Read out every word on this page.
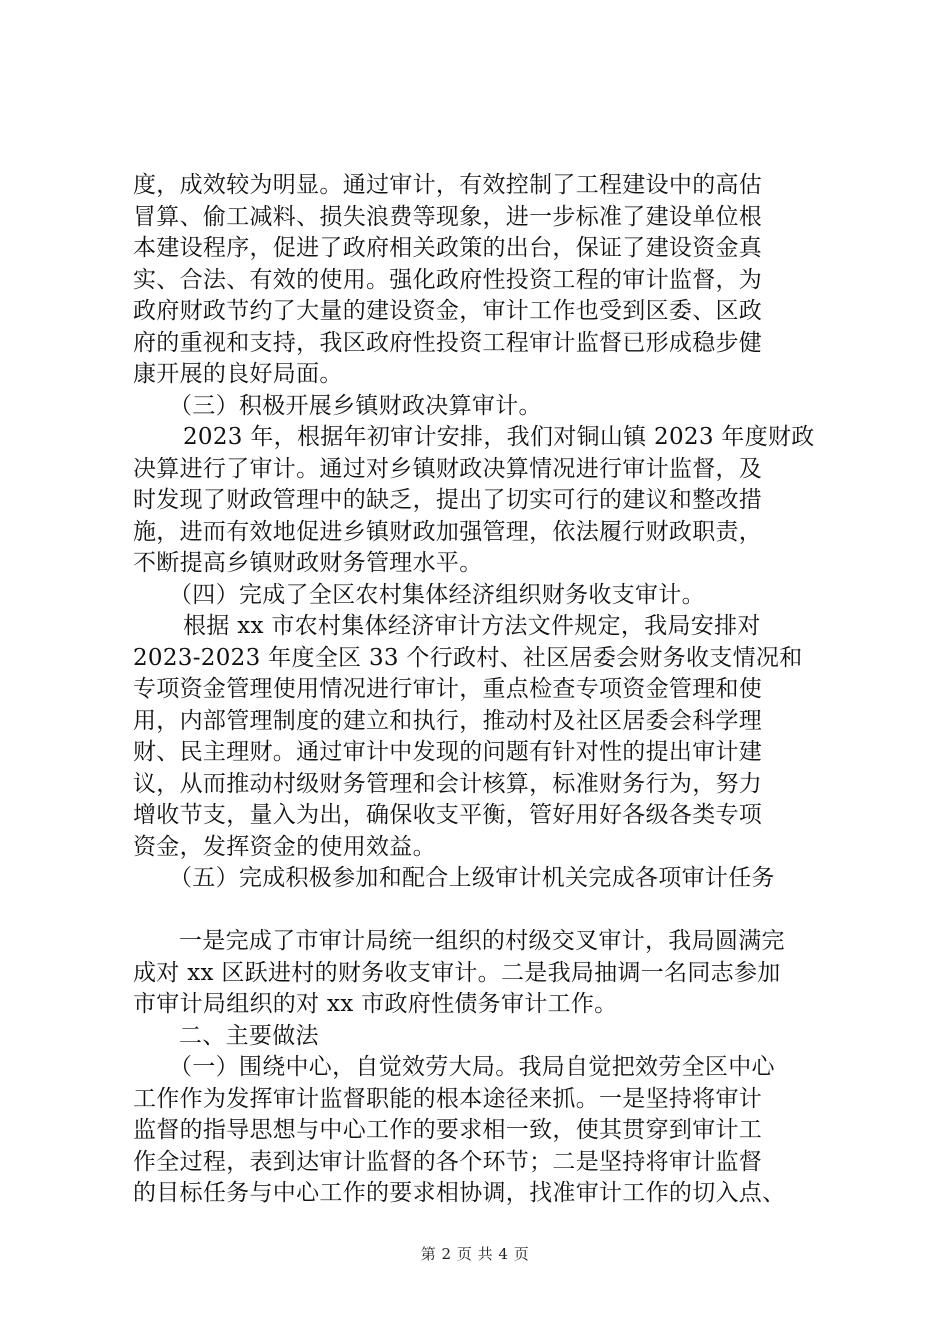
度，成效较为明显。通过审计，有效控制了工程建设中的高估
冒算、偷工减料、损失浪费等现象，进一步标准了建设单位根
本建设程序，促进了政府相关政策的出台，保证了建设资金真
实、合法、有效的使用。强化政府性投资工程的审计监督，为
政府财政节约了大量的建设资金，审计工作也受到区委、区政
府的重视和支持，我区政府性投资工程审计监督已形成稳步健
康开展的良好局面。
（三）积极开展乡镇财政决算审计。
2023 年，根据年初审计安排，我们对铜山镇 2023 年度财政
决算进行了审计。通过对乡镇财政决算情况进行审计监督，及
时发现了财政管理中的缺乏，提出了切实可行的建议和整改措
施，进而有效地促进乡镇财政加强管理，依法履行财政职责，
不断提高乡镇财政财务管理水平。
（四）完成了全区农村集体经济组织财务收支审计。
根据 xx 市农村集体经济审计方法文件规定，我局安排对
2023-2023 年度全区 33 个行政村、社区居委会财务收支情况和
专项资金管理使用情况进行审计，重点检查专项资金管理和使
用，内部管理制度的建立和执行，推动村及社区居委会科学理
财、民主理财。通过审计中发现的问题有针对性的提出审计建
议，从而推动村级财务管理和会计核算，标准财务行为，努力
增收节支，量入为出，确保收支平衡，管好用好各级各类专项
资金，发挥资金的使用效益。
（五）完成积极参加和配合上级审计机关完成各项审计任务
一是完成了市审计局统一组织的村级交叉审计，我局圆满完
成对 xx 区跃进村的财务收支审计。二是我局抽调一名同志参加
市审计局组织的对 xx 市政府性债务审计工作。
二、主要做法
（一）围绕中心，自觉效劳大局。我局自觉把效劳全区中心
工作作为发挥审计监督职能的根本途径来抓。一是坚持将审计
监督的指导思想与中心工作的要求相一致，使其贯穿到审计工
作全过程，表到达审计监督的各个环节；二是坚持将审计监督
的目标任务与中心工作的要求相协调，找准审计工作的切入点、
第 2 页 共 4 页
